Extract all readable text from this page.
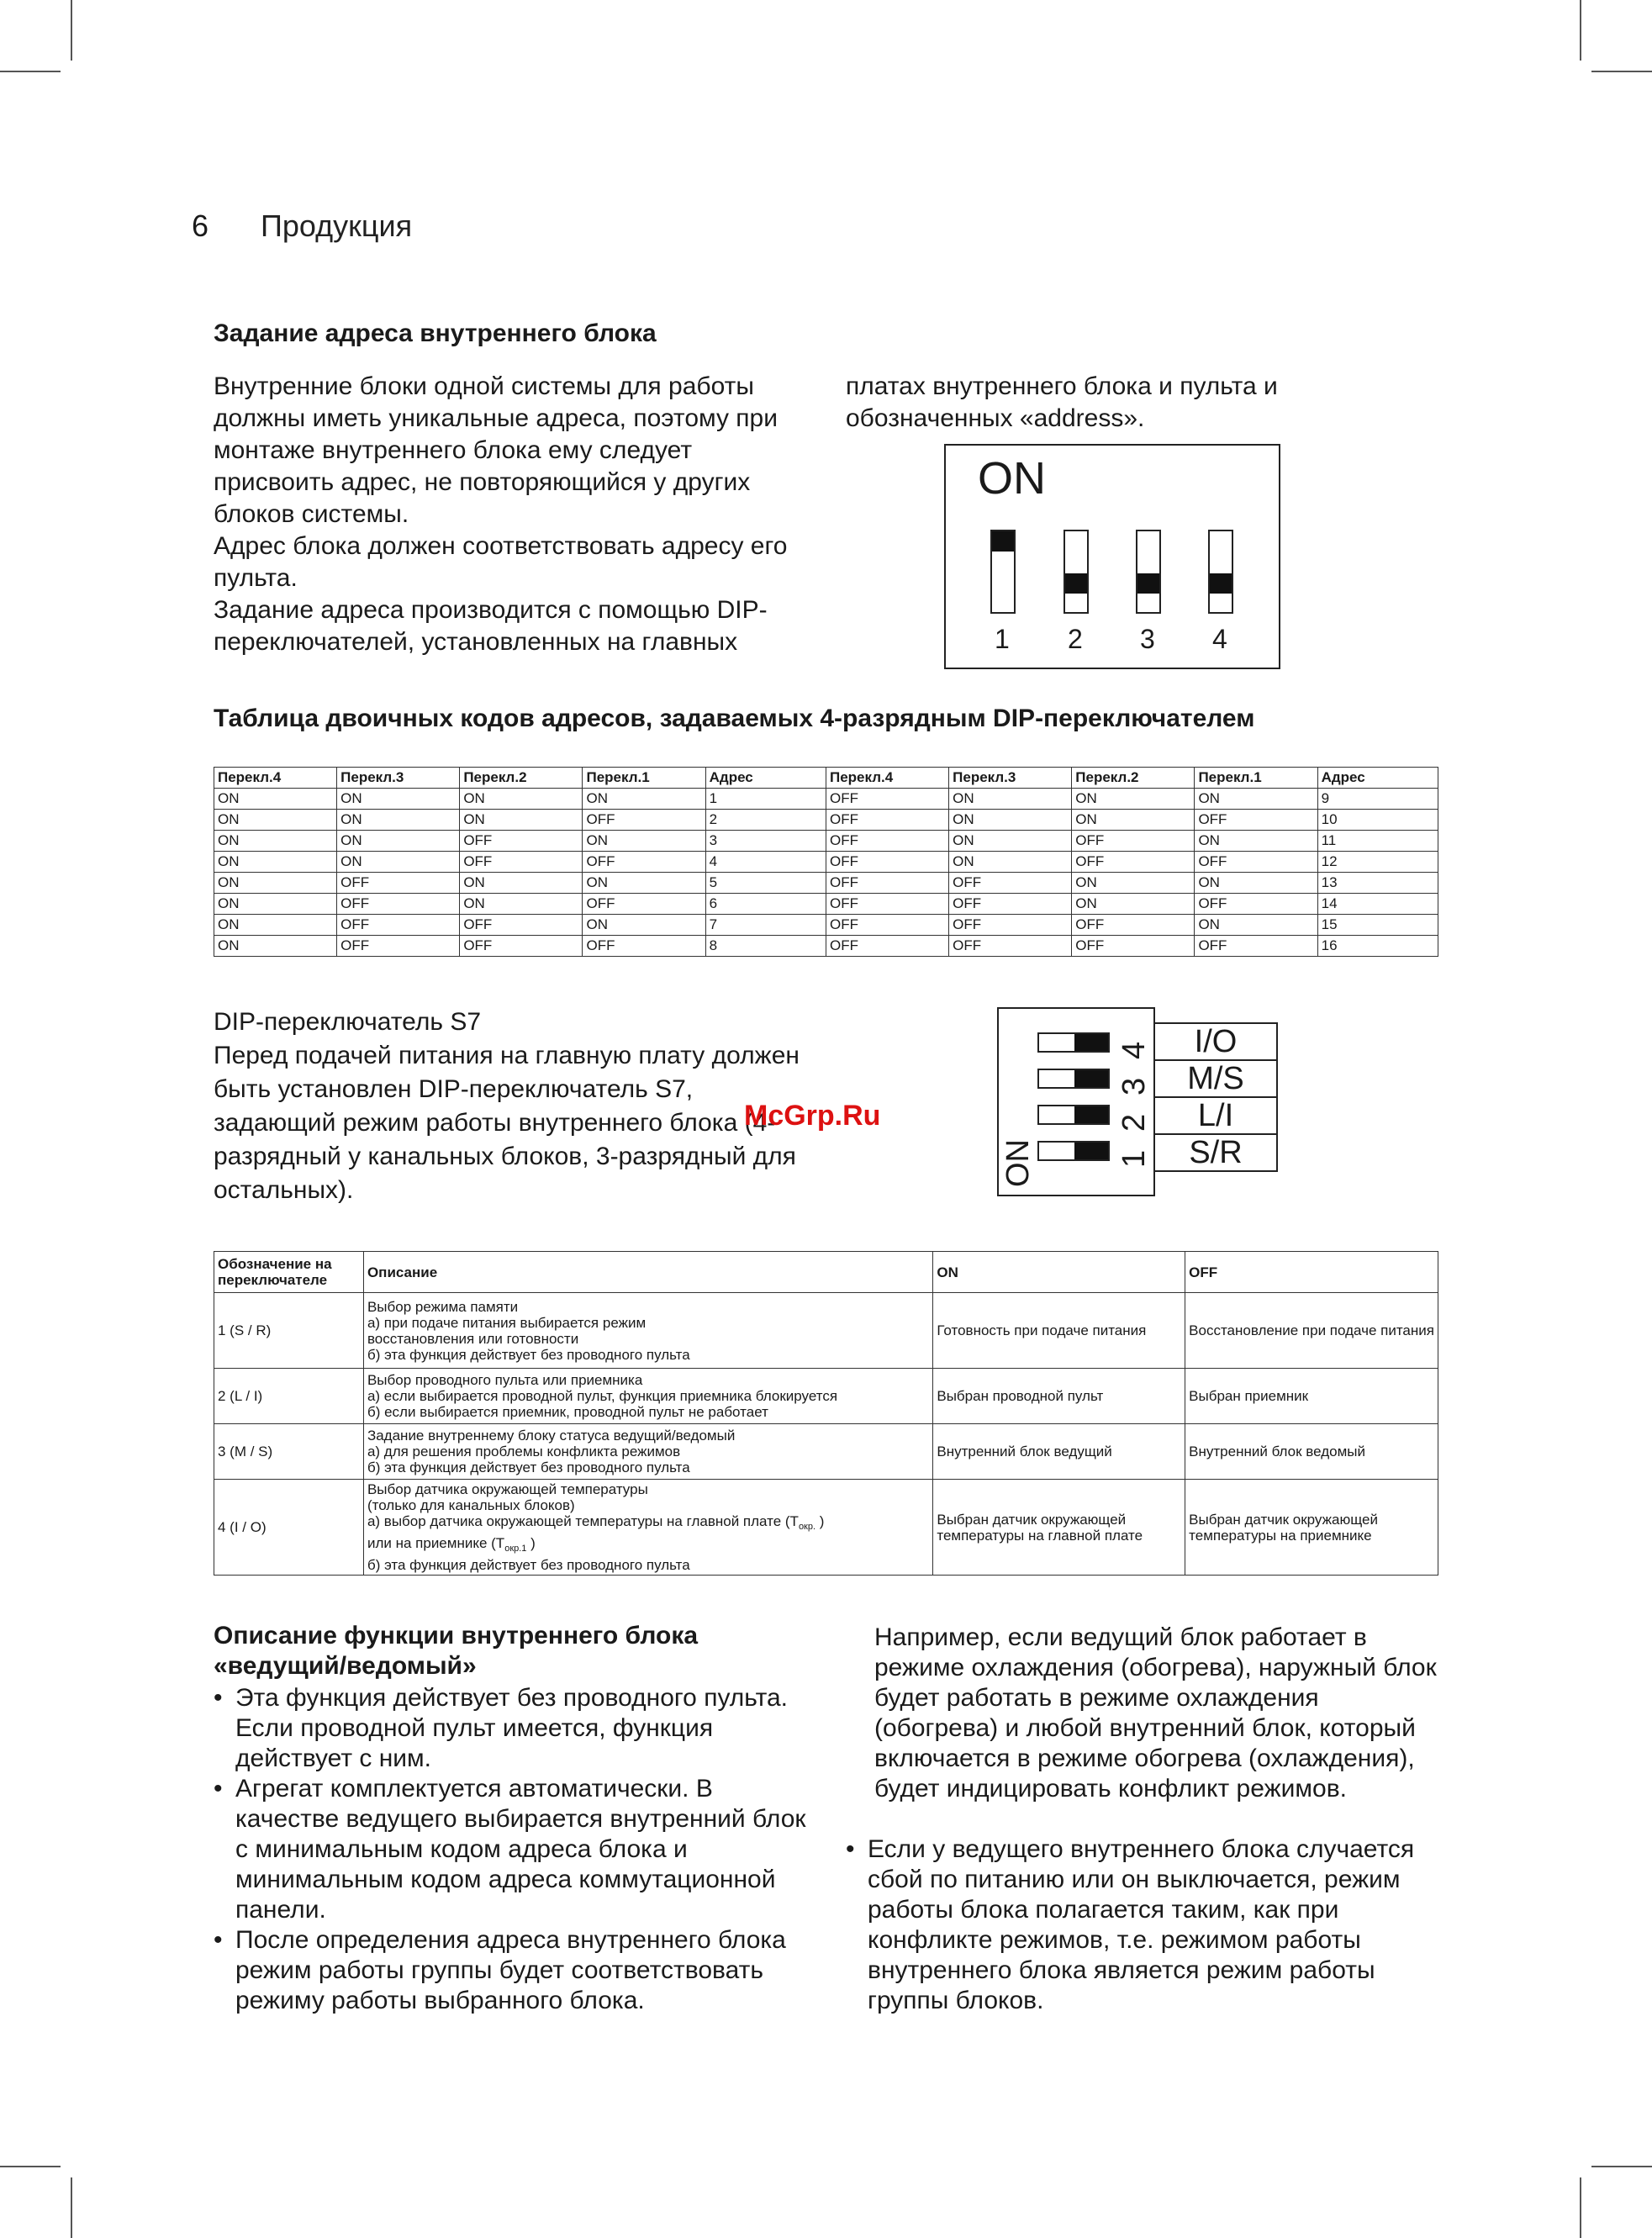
6 Продукция
Задание адреса внутреннего блока

Внутренние блоки одной системы для работы должны иметь уникальные адреса, поэтому при монтаже внутреннего блока ему следует присвоить адрес, не повторяющийся у других блоков системы.

Адрес блока должен соответствовать адресу его пульта.

Задание адреса производится с помощью DIP-переключателей, установленных на главных

платах внутреннего блока и пульта и обозначенных «address».
ON
1 2 3 4
Таблица двоичных кодов адресов, задаваемых 4-разрядным DIP-переключателем
Перекл.4	Перекл.3	Перекл.2	Перекл.1	Адрес	Перекл.4	Перекл.3	Перекл.2	Перекл.1	Адрес
ON	ON	ON	ON	1	OFF	ON	ON	ON	9
ON	ON	ON	OFF	2	OFF	ON	ON	OFF	10
ON	ON	OFF	ON	3	OFF	ON	OFF	ON	11
ON	ON	OFF	OFF	4	OFF	ON	OFF	OFF	12
ON	OFF	ON	ON	5	OFF	OFF	ON	ON	13
ON	OFF	ON	OFF	6	OFF	OFF	ON	OFF	14
ON	OFF	OFF	ON	7	OFF	OFF	OFF	ON	15
ON	OFF	OFF	OFF	8	OFF	OFF	OFF	OFF	16

DIP-переключатель S7

Перед подачей питания на главную плату должен быть установлен DIP-переключатель S7, задающий режим работы внутреннего блока (4-разрядный у канальных блоков, 3-разрядный для остальных).

McGrp.Ru
4
3
2
1
ON
I/O
M/S
L/I
S/R
Обозначение на переключателе	Описание	ON	OFF
1 (S / R)	Выбор режима памяти
а) при подаче питания выбирается режим
восстановления или готовности
б) эта функция действует без проводного пульта	Готовность при подаче питания	Восстановление при подаче питания
2 (L / I)	Выбор проводного пульта или приемника
а) если выбирается проводной пульт, функция приемника блокируется
б) если выбирается приемник, проводной пульт не работает	Выбран проводной пульт	Выбран приемник
3 (M / S)	Задание внутреннему блоку статуса ведущий/ведомый
а) для решения проблемы конфликта режимов
б) эта функция действует без проводного пульта	Внутренний блок ведущий	Внутренний блок ведомый
4 (I / O)	Выбор датчика окружающей температуры
(только для канальных блоков)
а) выбор датчика окружающей температуры на главной плате ($T_{окр.}$ )
или на приемнике ($T_{окр.1}$ )
б) эта функция действует без проводного пульта	Выбран датчик окружающей температуры на главной плате	Выбран датчик окружающей температуры на приемнике
Описание функции внутреннего блока
«ведущий/ведомый»
• Эта функция действует без проводного пульта. Если проводной пульт имеется, функция действует с ним.
• Агрегат комплектуется автоматически. В качестве ведущего выбирается внутренний блок с минимальным кодом адреса блока и минимальным кодом адреса коммутационной панели.
• После определения адреса внутреннего блока режим работы группы будет соответствовать режиму работы выбранного блока.
Например, если ведущий блок работает в режиме охлаждения (обогрева), наружный блок будет работать в режиме охлаждения (обогрева) и любой внутренний блок, который включается в режиме обогрева (охлаждения), будет индицировать конфликт режимов.
• Если у ведущего внутреннего блока случается сбой по питанию или он выключается, режим работы блока полагается таким, как при конфликте режимов, т.е. режимом работы внутреннего блока является режим работы группы блоков.
